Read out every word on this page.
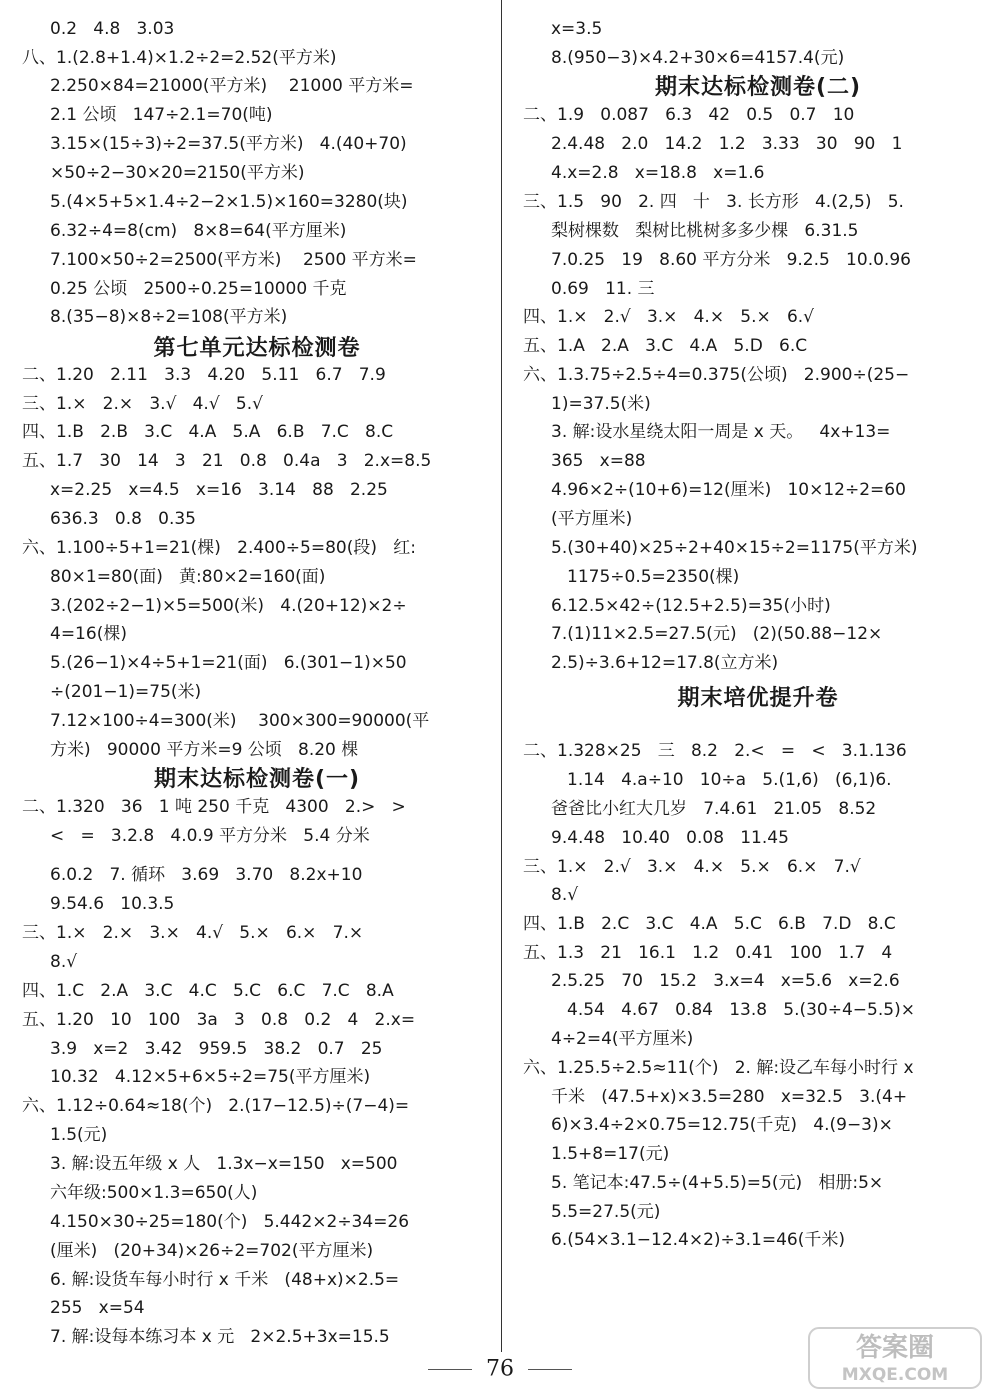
第七单元达标检测卷
期末达标检测卷(一)
0.2   4.8   3.03
八、1.(2.8+1.4)×1.2÷2=2.52(平方米)
2.250×84=21000(平方米)    21000 平方米=
2.1 公顷   147÷2.1=70(吨)
3.15×(15÷3)÷2=37.5(平方米)   4.(40+70)
×50÷2−30×20=2150(平方米)
5.(4×5+5×1.4÷2−2×1.5)×160=3280(块)
6.32÷4=8(cm)   8×8=64(平方厘米)
7.100×50÷2=2500(平方米)    2500 平方米=
0.25 公顷   2500÷0.25=10000 千克
8.(35−8)×8÷2=108(平方米)
二、1.20   2.11   3.3   4.20   5.11   6.7   7.9
三、1.×   2.×   3.√   4.√   5.√
四、1.B   2.B   3.C   4.A   5.A   6.B   7.C   8.C
五、1.7   30   14   3   21   0.8   0.4a   3   2.x=8.5
x=2.25   x=4.5   x=16   3.14   88   2.25
636.3   0.8   0.35
六、1.100÷5+1=21(棵)   2.400÷5=80(段)   红:
80×1=80(面)   黄:80×2=160(面)
3.(202÷2−1)×5=500(米)   4.(20+12)×2÷
4=16(棵)
5.(26−1)×4÷5+1=21(面)   6.(301−1)×50
÷(201−1)=75(米)
7.12×100÷4=300(米)    300×300=90000(平
方米)   90000 平方米=9 公顷   8.20 棵
二、1.320   36   1 吨 250 千克   4300   2.>   >
<   =   3.2.8   4.0.9 平方分米   5.4 分米
6.0.2   7. 循环   3.69   3.70   8.2x+10
9.54.6   10.3.5
三、1.×   2.×   3.×   4.√   5.×   6.×   7.×
8.√
四、1.C   2.A   3.C   4.C   5.C   6.C   7.C   8.A
五、1.20   10   100   3a   3   0.8   0.2   4   2.x=
3.9   x=2   3.42   959.5   38.2   0.7   25
10.32   4.12×5+6×5÷2=75(平方厘米)
六、1.12÷0.64≈18(个)   2.(17−12.5)÷(7−4)=
1.5(元)
3. 解:设五年级 x 人   1.3x−x=150   x=500
六年级:500×1.3=650(人)
4.150×30÷25=180(个)   5.442×2÷34=26
(厘米)   (20+34)×26÷2=702(平方厘米)
6. 解:设货车每小时行 x 千米   (48+x)×2.5=
255   x=54
7. 解:设每本练习本 x 元   2×2.5+3x=15.5
期末达标检测卷(二)
期末培优提升卷
x=3.5
8.(950−3)×4.2+30×6=4157.4(元)
二、1.9   0.087   6.3   42   0.5   0.7   10
2.4.48   2.0   14.2   1.2   3.33   30   90   1
4.x=2.8   x=18.8   x=1.6
三、1.5   90   2. 四   十   3. 长方形   4.(2,5)   5.
梨树棵数   梨树比桃树多多少棵   6.31.5
7.0.25   19   8.60 平方分米   9.2.5   10.0.96
0.69   11. 三
四、1.×   2.√   3.×   4.×   5.×   6.√
五、1.A   2.A   3.C   4.A   5.D   6.C
六、1.3.75÷2.5÷4=0.375(公顷)   2.900÷(25−
1)=37.5(米)
3. 解:设水星绕太阳一周是 x 天。   4x+13=
365   x=88
4.96×2÷(10+6)=12(厘米)   10×12÷2=60
(平方厘米)
5.(30+40)×25÷2+40×15÷2=1175(平方米)
1175÷0.5=2350(棵)
6.12.5×42÷(12.5+2.5)=35(小时)
7.(1)11×2.5=27.5(元)   (2)(50.88−12×
2.5)÷3.6+12=17.8(立方米)
二、1.328×25   三   8.2   2.<   =   <   3.1.136
1.14   4.a÷10   10÷a   5.(1,6)   (6,1)6.
爸爸比小红大几岁   7.4.61   21.05   8.52
9.4.48   10.40   0.08   11.45
三、1.×   2.√   3.×   4.×   5.×   6.×   7.√
8.√
四、1.B   2.C   3.C   4.A   5.C   6.B   7.D   8.C
五、1.3   21   16.1   1.2   0.41   100   1.7   4
2.5.25   70   15.2   3.x=4   x=5.6   x=2.6
4.54   4.67   0.84   13.8   5.(30÷4−5.5)×
4÷2=4(平方厘米)
六、1.25.5÷2.5≈11(个)   2. 解:设乙车每小时行 x
千米   (47.5+x)×3.5=280   x=32.5   3.(4+
6)×3.4÷2×0.75=12.75(千克)   4.(9−3)×
1.5+8=17(元)
5. 笔记本:47.5÷(4+5.5)=5(元)   相册:5×
5.5=27.5(元)
6.(54×3.1−12.4×2)÷3.1=46(千米)
76
答案圈
MXQE.COM
